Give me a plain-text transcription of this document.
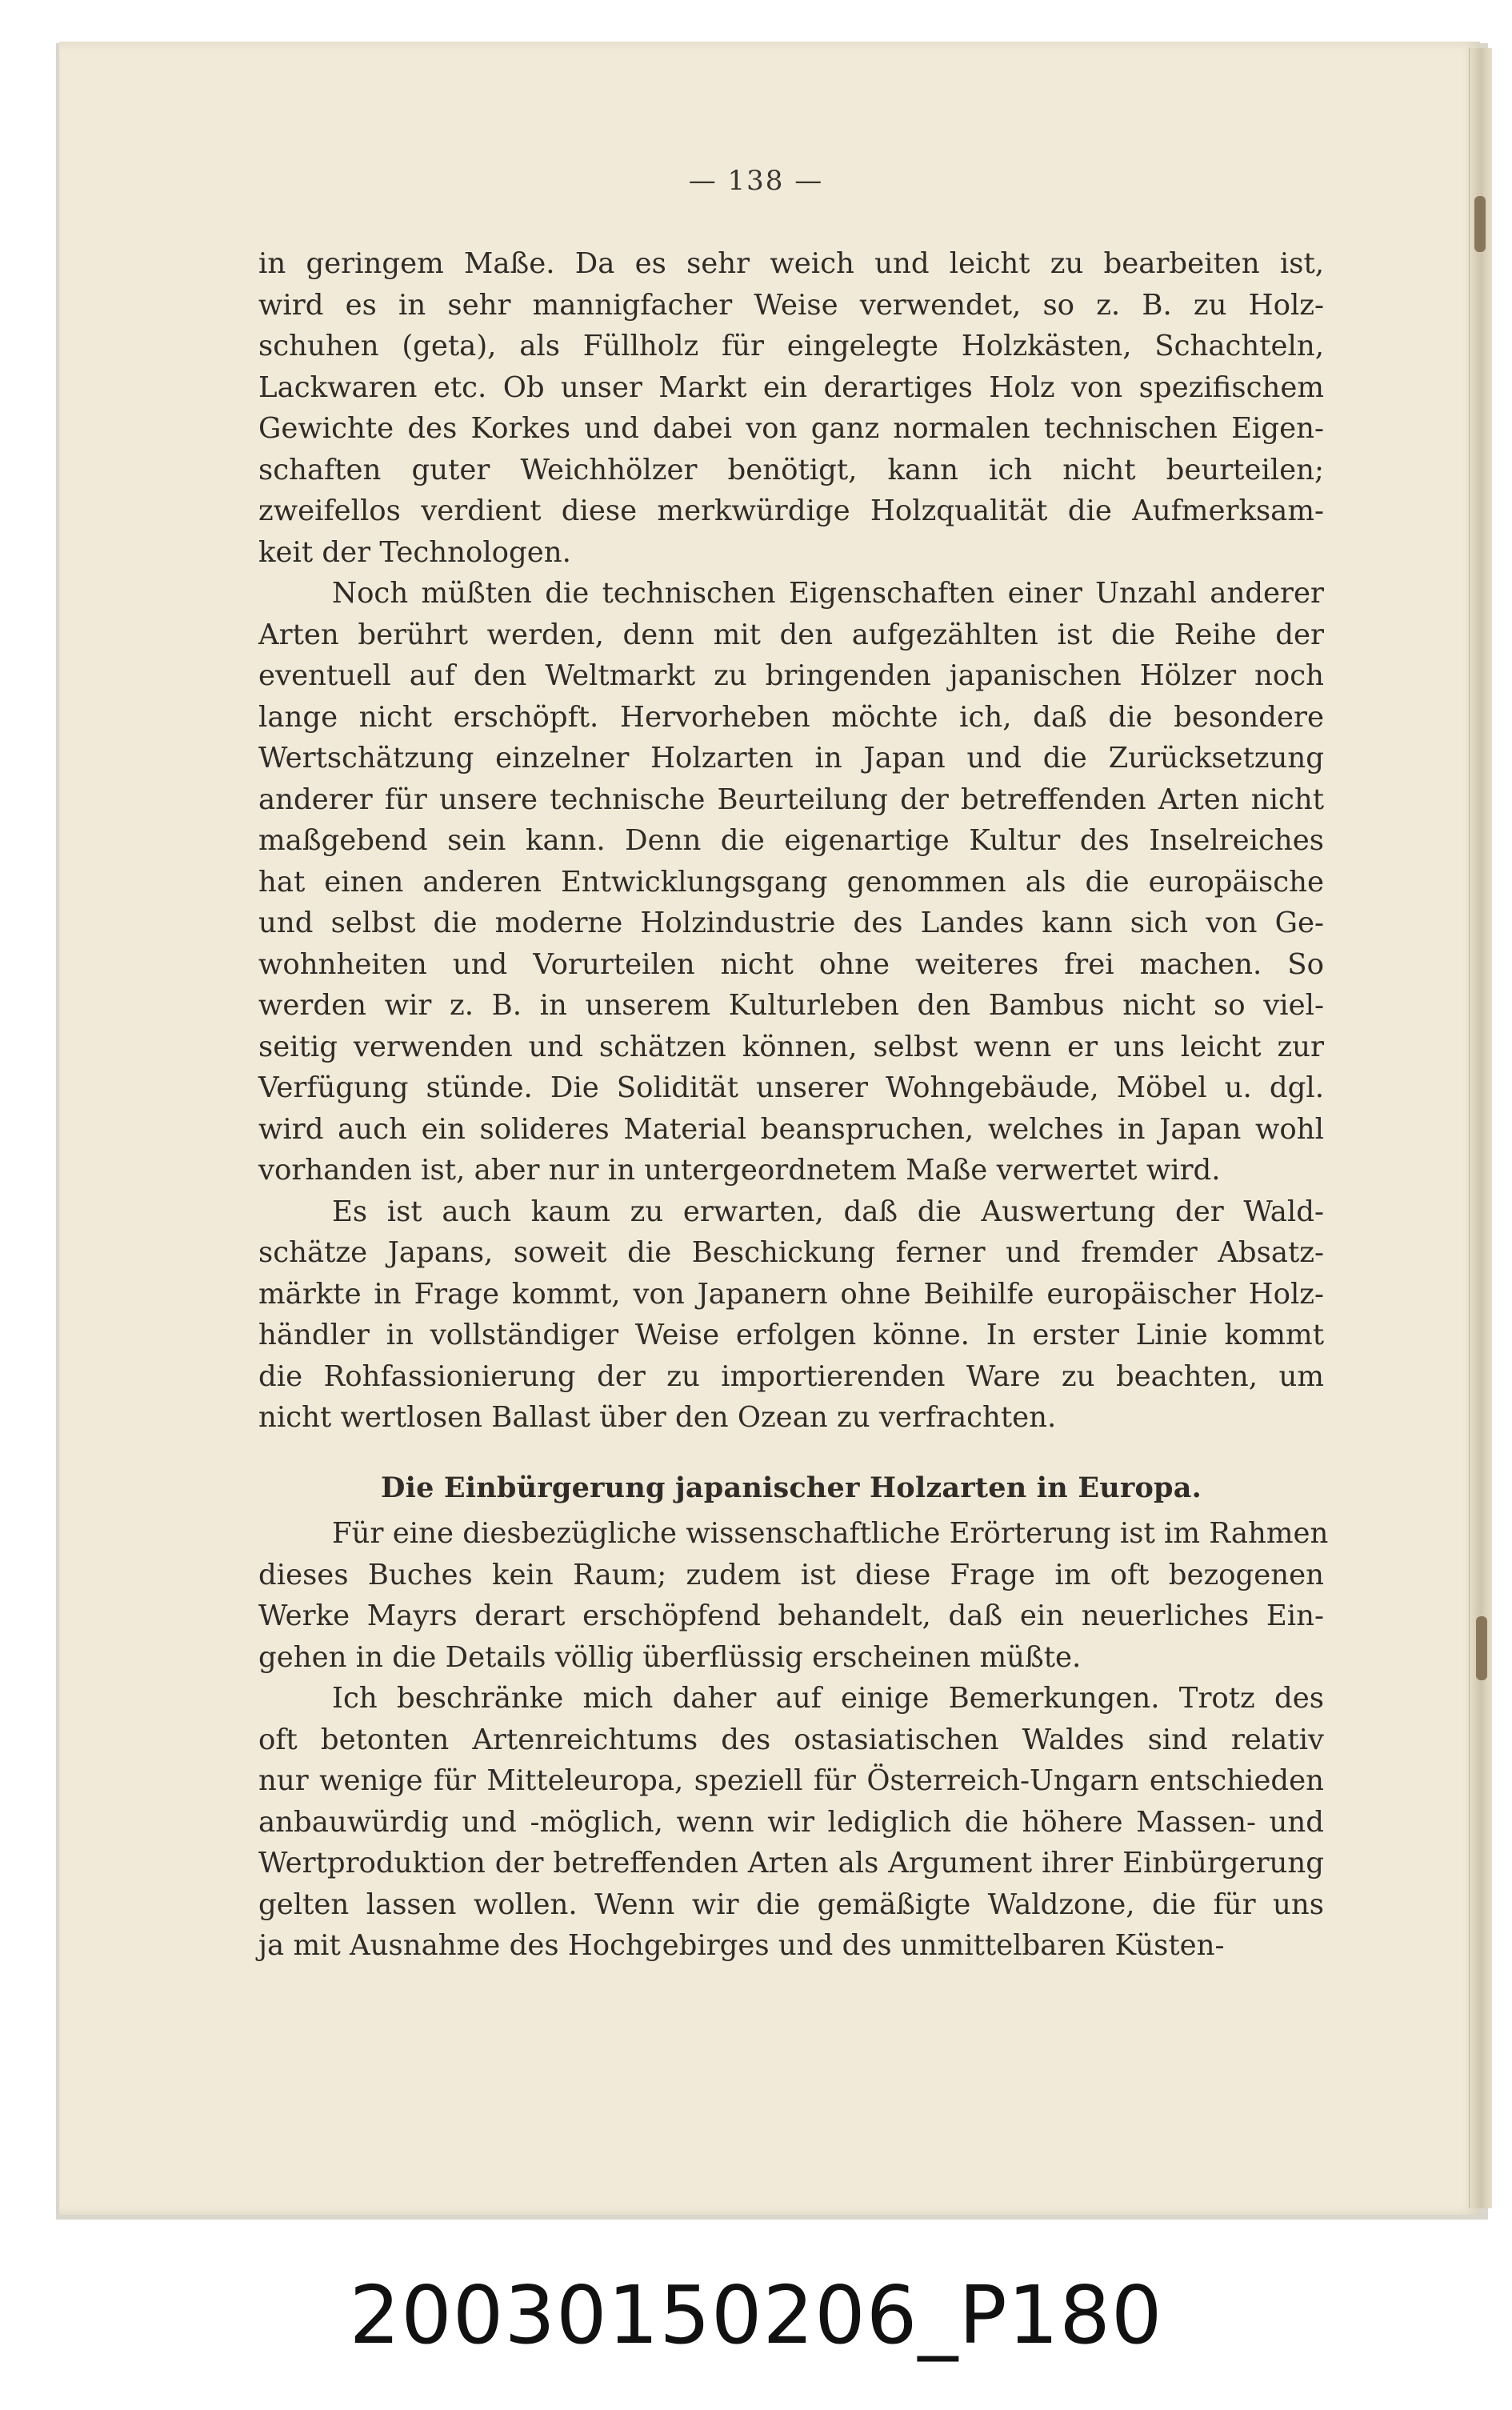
— 138 —
in geringem Maße. Da es sehr weich und leicht zu bearbeiten ist,
wird es in sehr mannigfacher Weise verwendet, so z. B. zu Holz-
schuhen (geta), als Füllholz für eingelegte Holzkästen, Schachteln,
Lackwaren etc. Ob unser Markt ein derartiges Holz von spezifischem
Gewichte des Korkes und dabei von ganz normalen technischen Eigen-
schaften guter Weichhölzer benötigt, kann ich nicht beurteilen;
zweifellos verdient diese merkwürdige Holzqualität die Aufmerksam-
keit der Technologen.
Noch müßten die technischen Eigenschaften einer Unzahl anderer
Arten berührt werden, denn mit den aufgezählten ist die Reihe der
eventuell auf den Weltmarkt zu bringenden japanischen Hölzer noch
lange nicht erschöpft. Hervorheben möchte ich, daß die besondere
Wertschätzung einzelner Holzarten in Japan und die Zurücksetzung
anderer für unsere technische Beurteilung der betreffenden Arten nicht
maßgebend sein kann. Denn die eigenartige Kultur des Inselreiches
hat einen anderen Entwicklungsgang genommen als die europäische
und selbst die moderne Holzindustrie des Landes kann sich von Ge-
wohnheiten und Vorurteilen nicht ohne weiteres frei machen. So
werden wir z. B. in unserem Kulturleben den Bambus nicht so viel-
seitig verwenden und schätzen können, selbst wenn er uns leicht zur
Verfügung stünde. Die Solidität unserer Wohngebäude, Möbel u. dgl.
wird auch ein solideres Material beanspruchen, welches in Japan wohl
vorhanden ist, aber nur in untergeordnetem Maße verwertet wird.
Es ist auch kaum zu erwarten, daß die Auswertung der Wald-
schätze Japans, soweit die Beschickung ferner und fremder Absatz-
märkte in Frage kommt, von Japanern ohne Beihilfe europäischer Holz-
händler in vollständiger Weise erfolgen könne. In erster Linie kommt
die Rohfassionierung der zu importierenden Ware zu beachten, um
nicht wertlosen Ballast über den Ozean zu verfrachten.
Die Einbürgerung japanischer Holzarten in Europa.
Für eine diesbezügliche wissenschaftliche Erörterung ist im Rahmen
dieses Buches kein Raum; zudem ist diese Frage im oft bezogenen
Werke Mayrs derart erschöpfend behandelt, daß ein neuerliches Ein-
gehen in die Details völlig überflüssig erscheinen müßte.
Ich beschränke mich daher auf einige Bemerkungen. Trotz des
oft betonten Artenreichtums des ostasiatischen Waldes sind relativ
nur wenige für Mitteleuropa, speziell für Österreich-Ungarn entschieden
anbauwürdig und -möglich, wenn wir lediglich die höhere Massen- und
Wertproduktion der betreffenden Arten als Argument ihrer Einbürgerung
gelten lassen wollen. Wenn wir die gemäßigte Waldzone, die für uns
ja mit Ausnahme des Hochgebirges und des unmittelbaren Küsten-
20030150206_P180
